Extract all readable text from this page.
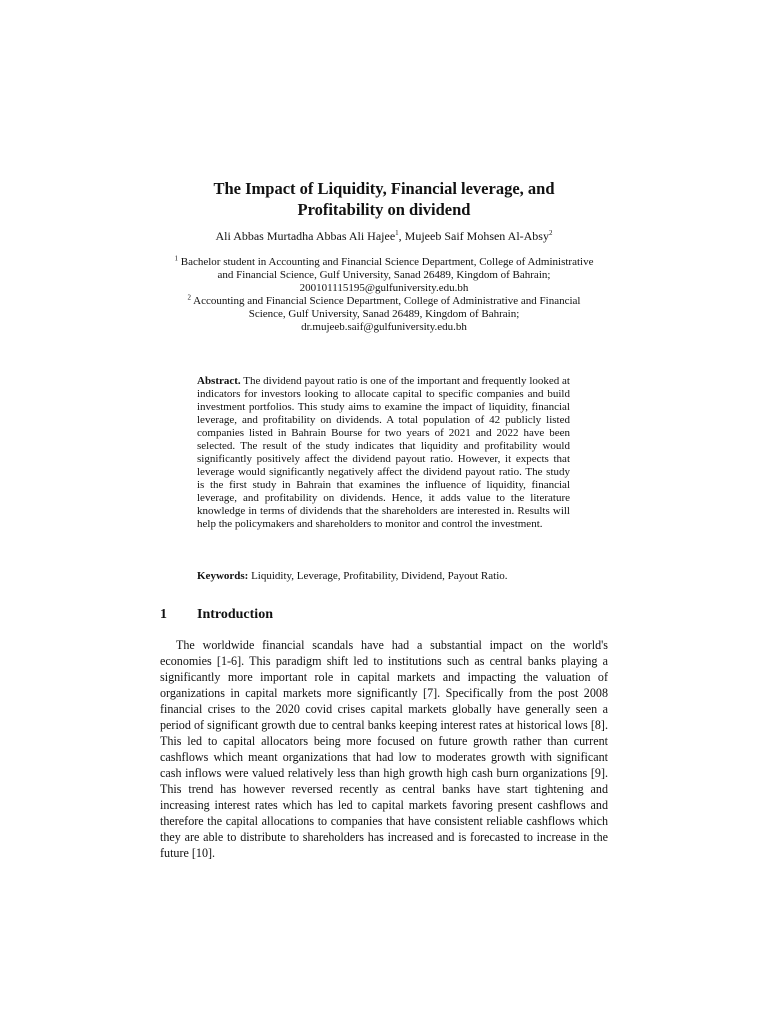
The Impact of Liquidity, Financial leverage, and
Profitability on dividend
Ali Abbas Murtadha Abbas Ali Hajee$^1$, Mujeeb Saif Mohsen Al-Absy$^2$

$^1$ Bachelor student in Accounting and Financial Science Department, College of Administrative

and Financial Science, Gulf University, Sanad 26489, Kingdom of Bahrain;

200101115195@gulfuniversity.edu.bh

$^2$ Accounting and Financial Science Department, College of Administrative and Financial

Science, Gulf University, Sanad 26489, Kingdom of Bahrain;

dr.mujeeb.saif@gulfuniversity.edu.bh

Abstract. The dividend payout ratio is one of the important and frequently looked at indicators for investors looking to allocate capital to specific companies and build investment portfolios. This study aims to examine the impact of liquidity, financial leverage, and profitability on dividends. A total population of 42 publicly listed companies listed in Bahrain Bourse for two years of 2021 and 2022 have been selected. The result of the study indicates that liquidity and profitability would significantly positively affect the dividend payout ratio. However, it expects that leverage would significantly negatively affect the dividend payout ratio. The study is the first study in Bahrain that examines the influence of liquidity, financial leverage, and profitability on dividends. Hence, it adds value to the literature knowledge in terms of dividends that the shareholders are interested in. Results will help the policymakers and shareholders to monitor and control the investment.
Keywords: Liquidity, Leverage, Profitability, Dividend, Payout Ratio.
1 Introduction

The worldwide financial scandals have had a substantial impact on the world's economies [1-6]. This paradigm shift led to institutions such as central banks playing a significantly more important role in capital markets and impacting the valuation of organizations in capital markets more significantly [7]. Specifically from the post 2008 financial crises to the 2020 covid crises capital markets globally have generally seen a period of significant growth due to central banks keeping interest rates at historical lows [8]. This led to capital allocators being more focused on future growth rather than current cashflows which meant organizations that had low to moderates growth with significant cash inflows were valued relatively less than high growth high cash burn organizations [9]. This trend has however reversed recently as central banks have start tightening and increasing interest rates which has led to capital markets favoring present cashflows and therefore the capital allocations to companies that have consistent reliable cashflows which they are able to distribute to shareholders has increased and is forecasted to increase in the future [10].
